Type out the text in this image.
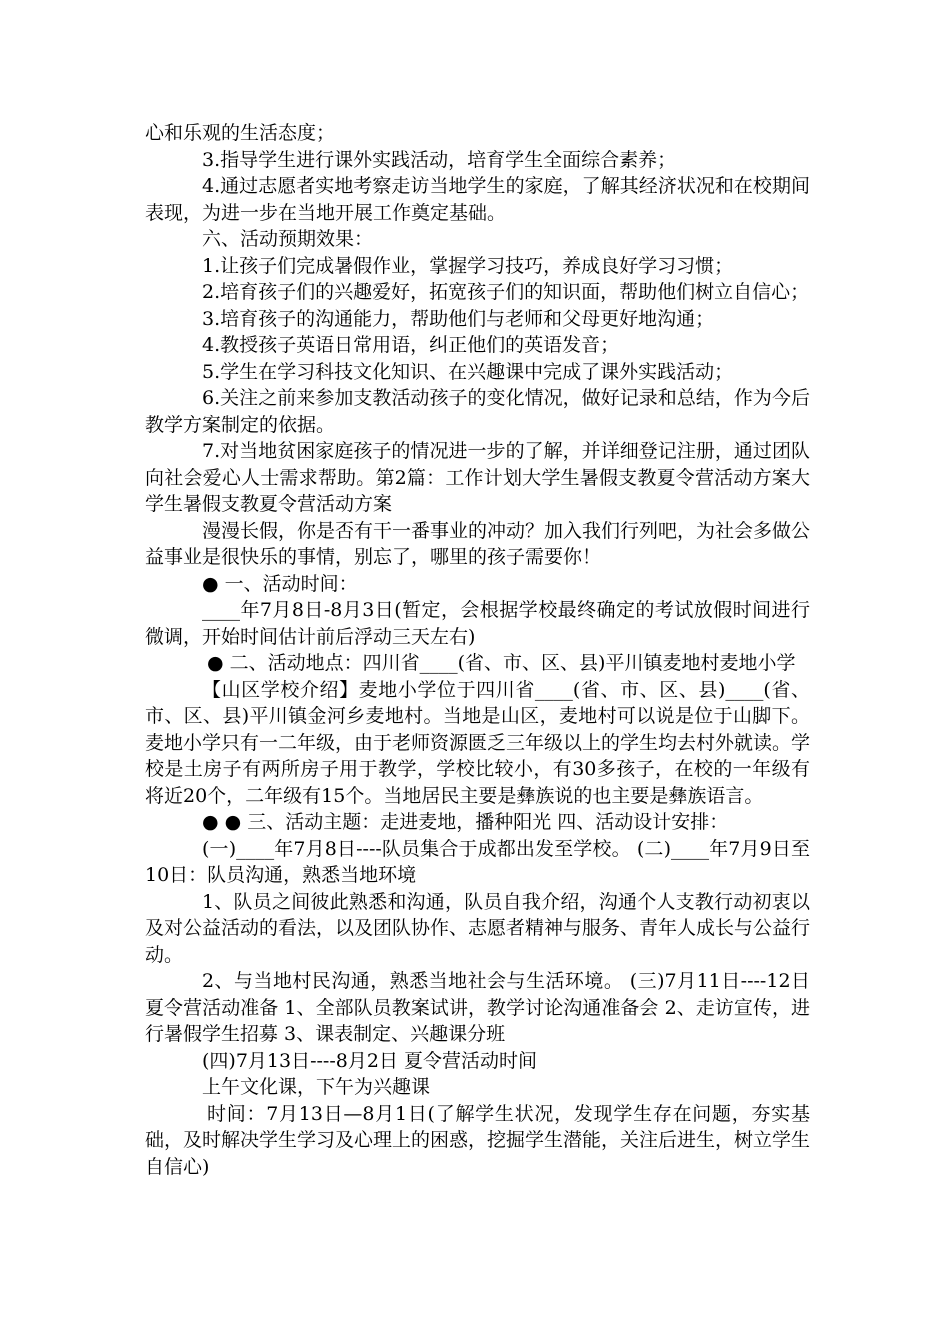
心和乐观的生活态度；

3.指导学生进行课外实践活动，培育学生全面综合素养；

4.通过志愿者实地考察走访当地学生的家庭，了解其经济状况和在校期间表现，为进一步在当地开展工作奠定基础。

六、活动预期效果：

1.让孩子们完成暑假作业，掌握学习技巧，养成良好学习习惯；

2.培育孩子们的兴趣爱好，拓宽孩子们的知识面，帮助他们树立自信心；

3.培育孩子的沟通能力，帮助他们与老师和父母更好地沟通；

4.教授孩子英语日常用语，纠正他们的英语发音；

5.学生在学习科技文化知识、在兴趣课中完成了课外实践活动；

6.关注之前来参加支教活动孩子的变化情况，做好记录和总结，作为今后教学方案制定的依据。

7.对当地贫困家庭孩子的情况进一步的了解，并详细登记注册，通过团队向社会爱心人士需求帮助。第2篇：工作计划大学生暑假支教夏令营活动方案大学生暑假支教夏令营活动方案

漫漫长假，你是否有干一番事业的冲动？加入我们行列吧，为社会多做公益事业是很快乐的事情，别忘了，哪里的孩子需要你！

● 一、活动时间：

____年7月8日-8月3日(暂定，会根据学校最终确定的考试放假时间进行微调，开始时间估计前后浮动三天左右)

● 二、活动地点：四川省____(省、市、区、县)平川镇麦地村麦地小学

【山区学校介绍】麦地小学位于四川省____(省、市、区、县)____(省、市、区、县)平川镇金河乡麦地村。当地是山区，麦地村可以说是位于山脚下。麦地小学只有一二年级，由于老师资源匮乏三年级以上的学生均去村外就读。学校是土房子有两所房子用于教学，学校比较小，有30多孩子，在校的一年级有将近20个，二年级有15个。当地居民主要是彝族说的也主要是彝族语言。

● ● 三、活动主题：走进麦地，播种阳光 四、活动设计安排：

(一)____年7月8日----队员集合于成都出发至学校。 (二)____年7月9日至10日：队员沟通，熟悉当地环境

1、队员之间彼此熟悉和沟通，队员自我介绍，沟通个人支教行动初衷以及对公益活动的看法，以及团队协作、志愿者精神与服务、青年人成长与公益行动。

2、与当地村民沟通，熟悉当地社会与生活环境。 (三)7月11日----12日 夏令营活动准备 1、全部队员教案试讲，教学讨论沟通准备会 2、走访宣传，进行暑假学生招募 3、课表制定、兴趣课分班

(四)7月13日----8月2日 夏令营活动时间

上午文化课，下午为兴趣课

时间：7月13日—8月1日(了解学生状况，发现学生存在问题，夯实基础，及时解决学生学习及心理上的困惑，挖掘学生潜能，关注后进生，树立学生自信心)
